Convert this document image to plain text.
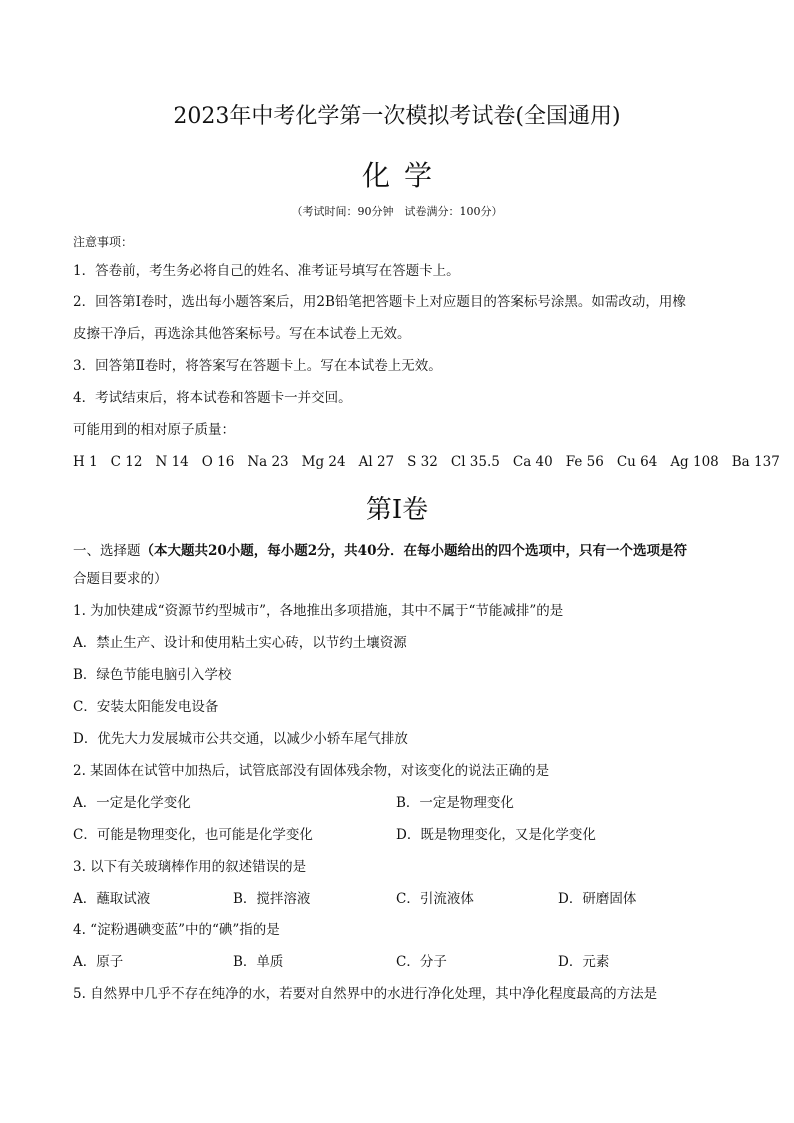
2023年中考化学第一次模拟考试卷(全国通用)
化学
（考试时间：90分钟　试卷满分：100分）
注意事项：
1．答卷前，考生务必将自己的姓名、准考证号填写在答题卡上。
2．回答第Ⅰ卷时，选出每小题答案后，用2B铅笔把答题卡上对应题目的答案标号涂黑。如需改动，用橡
皮擦干净后，再选涂其他答案标号。写在本试卷上无效。
3．回答第Ⅱ卷时，将答案写在答题卡上。写在本试卷上无效。
4．考试结束后，将本试卷和答题卡一并交回。
可能用到的相对原子质量：
H 1 C 12 N 14 O 16 Na 23 Mg 24 Al 27 S 32 Cl 35.5 Ca 40 Fe 56 Cu 64 Ag 108 Ba 137
第Ⅰ卷
一、选择题（本大题共20小题，每小题2分，共40分．在每小题给出的四个选项中，只有一个选项是符
合题目要求的）
1. 为加快建成“资源节约型城市”，各地推出多项措施，其中不属于“节能减排”的是
A．禁止生产、设计和使用粘土实心砖，以节约土壤资源
B．绿色节能电脑引入学校
C．安装太阳能发电设备
D．优先大力发展城市公共交通，以减少小轿车尾气排放
2. 某固体在试管中加热后，试管底部没有固体残余物，对该变化的说法正确的是
A．一定是化学变化	B．一定是物理变化
C．可能是物理变化，也可能是化学变化	D．既是物理变化，又是化学变化
3. 以下有关玻璃棒作用的叙述错误的是
A．蘸取试液	B．搅拌溶液	C．引流液体	D．研磨固体
4. “淀粉遇碘变蓝”中的“碘”指的是
A．原子	B．单质	C．分子	D．元素
5. 自然界中几乎不存在纯净的水，若要对自然界中的水进行净化处理，其中净化程度最高的方法是
